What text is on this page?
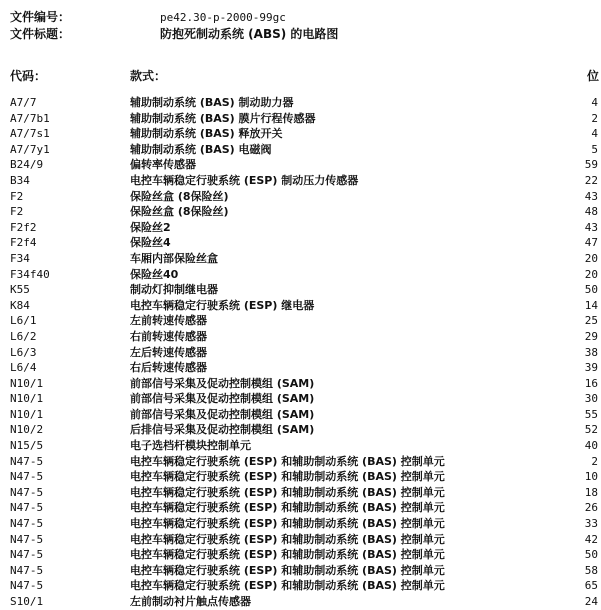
文件编号：	pe42.30-p-2000-99gc
文件标题：	防抱死制动系统 (ABS) 的电路图
代码：	款式：	位
A7/7	辅助制动系统 (BAS) 制动助力器	4
A7/7b1	辅助制动系统 (BAS) 膜片行程传感器	2
A7/7s1	辅助制动系统 (BAS) 释放开关	4
A7/7y1	辅助制动系统 (BAS) 电磁阀	5
B24/9	偏转率传感器	59
B34	电控车辆稳定行驶系统 (ESP) 制动压力传感器	22
F2	保险丝盒 (8保险丝)	43
F2	保险丝盒 (8保险丝)	48
F2f2	保险丝2	43
F2f4	保险丝4	47
F34	车厢内部保险丝盒	20
F34f40	保险丝40	20
K55	制动灯抑制继电器	50
K84	电控车辆稳定行驶系统 (ESP) 继电器	14
L6/1	左前转速传感器	25
L6/2	右前转速传感器	29
L6/3	左后转速传感器	38
L6/4	右后转速传感器	39
N10/1	前部信号采集及促动控制模组 (SAM)	16
N10/1	前部信号采集及促动控制模组 (SAM)	30
N10/1	前部信号采集及促动控制模组 (SAM)	55
N10/2	后排信号采集及促动控制模组 (SAM)	52
N15/5	电子选档杆模块控制单元	40
N47-5	电控车辆稳定行驶系统 (ESP) 和辅助制动系统 (BAS) 控制单元	2
N47-5	电控车辆稳定行驶系统 (ESP) 和辅助制动系统 (BAS) 控制单元	10
N47-5	电控车辆稳定行驶系统 (ESP) 和辅助制动系统 (BAS) 控制单元	18
N47-5	电控车辆稳定行驶系统 (ESP) 和辅助制动系统 (BAS) 控制单元	26
N47-5	电控车辆稳定行驶系统 (ESP) 和辅助制动系统 (BAS) 控制单元	33
N47-5	电控车辆稳定行驶系统 (ESP) 和辅助制动系统 (BAS) 控制单元	42
N47-5	电控车辆稳定行驶系统 (ESP) 和辅助制动系统 (BAS) 控制单元	50
N47-5	电控车辆稳定行驶系统 (ESP) 和辅助制动系统 (BAS) 控制单元	58
N47-5	电控车辆稳定行驶系统 (ESP) 和辅助制动系统 (BAS) 控制单元	65
S10/1	左前制动衬片触点传感器	24
